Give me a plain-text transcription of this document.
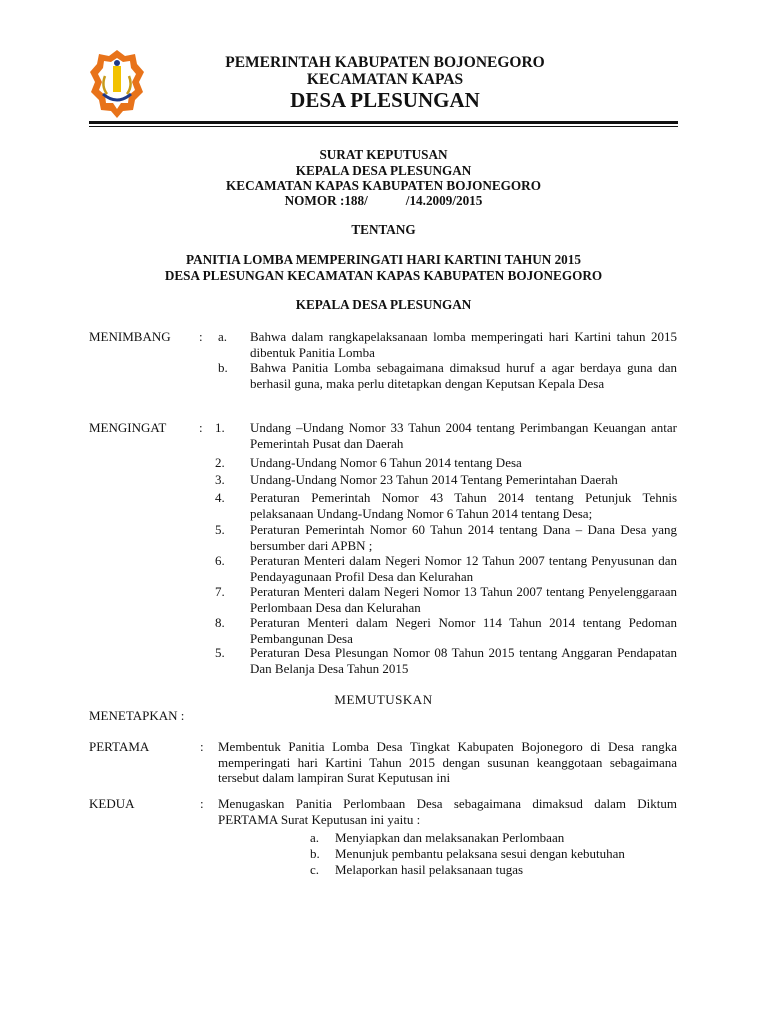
PEMERINTAH KABUPATEN BOJONEGORO
KECAMATAN KAPAS
DESA PLESUNGAN
SURAT KEPUTUSAN
KEPALA DESA PLESUNGAN
KECAMATAN KAPAS KABUPATEN BOJONEGORO
NOMOR :188/	/14.2009/2015
TENTANG
PANITIA LOMBA MEMPERINGATI HARI KARTINI TAHUN 2015
DESA PLESUNGAN KECAMATAN KAPAS KABUPATEN BOJONEGORO
KEPALA DESA PLESUNGAN
MENIMBANG : a. Bahwa dalam rangkapelaksanaan lomba memperingati hari Kartini tahun 2015 dibentuk Panitia Lomba
b. Bahwa Panitia Lomba sebagaimana dimaksud huruf a agar berdaya guna dan berhasil guna, maka perlu ditetapkan dengan Keputsan Kepala Desa
MENGINGAT	: 1. Undang –Undang Nomor 33 Tahun 2004 tentang Perimbangan Keuangan antar Pemerintah Pusat dan Daerah
2. Undang-Undang Nomor 6 Tahun 2014 tentang Desa
3. Undang-Undang Nomor 23 Tahun 2014 Tentang Pemerintahan Daerah
4. Peraturan Pemerintah Nomor 43 Tahun 2014 tentang Petunjuk Tehnis pelaksanaan Undang-Undang Nomor 6 Tahun 2014 tentang Desa;
5. Peraturan Pemerintah Nomor 60 Tahun 2014 tentang Dana – Dana Desa yang bersumber dari APBN ;
6. Peraturan Menteri dalam Negeri Nomor 12 Tahun 2007 tentang Penyusunan dan Pendayagunaan Profil Desa dan Kelurahan
7. Peraturan Menteri dalam Negeri Nomor 13 Tahun 2007 tentang Penyelenggaraan Perlombaan Desa dan Kelurahan
8. Peraturan Menteri dalam Negeri Nomor 114 Tahun 2014 tentang Pedoman Pembangunan Desa
5. Peraturan Desa Plesungan Nomor 08 Tahun 2015 tentang Anggaran Pendapatan Dan Belanja Desa Tahun 2015
MEMUTUSKAN
MENETAPKAN :
PERTAMA	: Membentuk Panitia Lomba Desa Tingkat Kabupaten Bojonegoro di Desa rangka memperingati hari Kartini Tahun 2015 dengan susunan keanggotaan sebagaimana tersebut dalam lampiran Surat Keputusan ini
KEDUA	: Menugaskan Panitia Perlombaan Desa sebagaimana dimaksud dalam Diktum PERTAMA Surat Keputusan ini yaitu :
a. Menyiapkan dan melaksanakan Perlombaan
b. Menunjuk pembantu pelaksana sesui dengan kebutuhan
c. Melaporkan hasil pelaksanaan tugas
